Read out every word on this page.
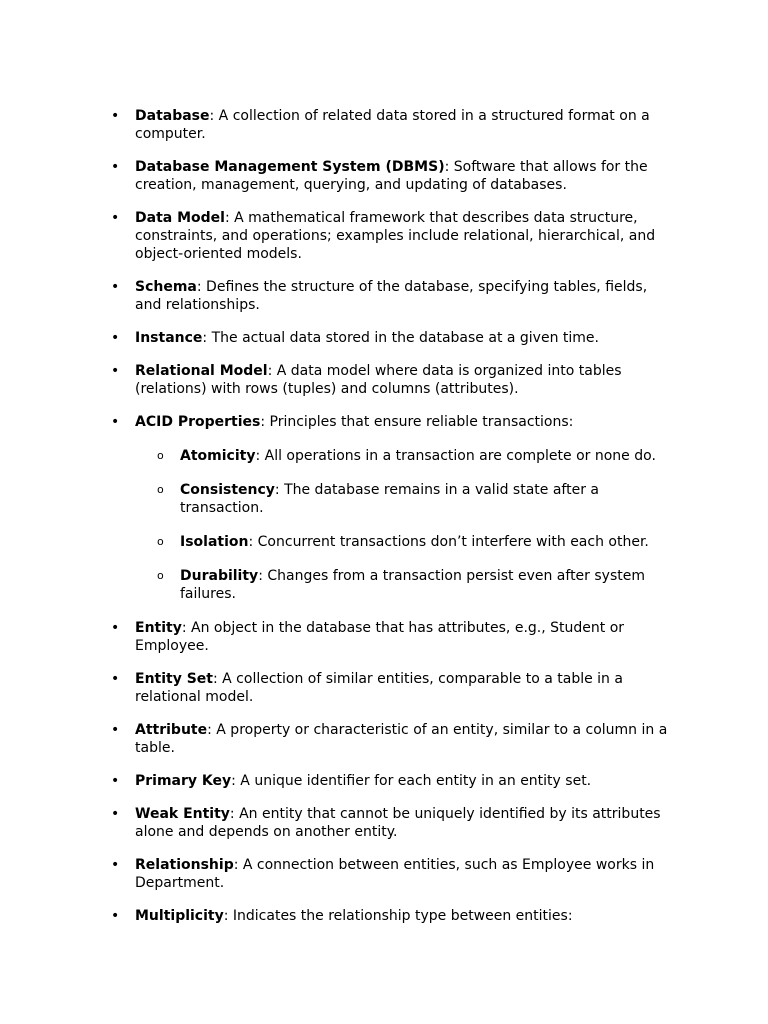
• Database: A collection of related data stored in a structured format on a computer.
• Database Management System (DBMS): Software that allows for the creation, management, querying, and updating of databases.
• Data Model: A mathematical framework that describes data structure, constraints, and operations; examples include relational, hierarchical, and object-oriented models.
• Schema: Defines the structure of the database, specifying tables, fields, and relationships.
• Instance: The actual data stored in the database at a given time.
• Relational Model: A data model where data is organized into tables (relations) with rows (tuples) and columns (attributes).
• ACID Properties: Principles that ensure reliable transactions:
o Atomicity: All operations in a transaction are complete or none do.
o Consistency: The database remains in a valid state after a transaction.
o Isolation: Concurrent transactions don’t interfere with each other.
o Durability: Changes from a transaction persist even after system failures.
• Entity: An object in the database that has attributes, e.g., Student or Employee.
• Entity Set: A collection of similar entities, comparable to a table in a relational model.
• Attribute: A property or characteristic of an entity, similar to a column in a table.
• Primary Key: A unique identifier for each entity in an entity set.
• Weak Entity: An entity that cannot be uniquely identified by its attributes alone and depends on another entity.
• Relationship: A connection between entities, such as Employee works in Department.
• Multiplicity: Indicates the relationship type between entities:
